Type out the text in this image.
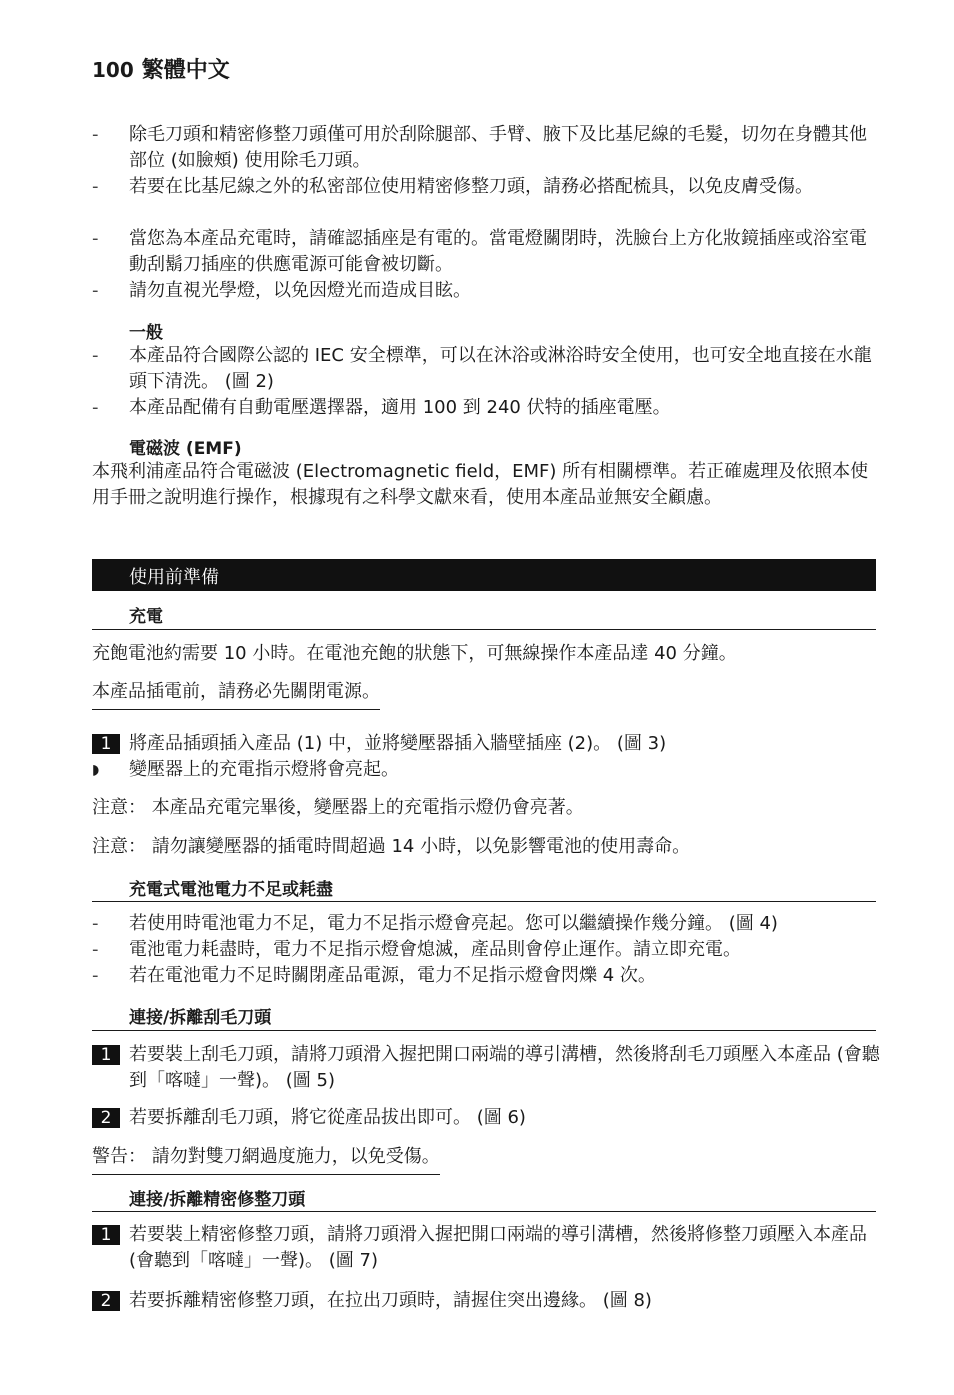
100 繁體中文
-	除毛刀頭和精密修整刀頭僅可用於刮除腿部、手臂、腋下及比基尼線的毛髮，切勿在身體其他部位 (如臉頰) 使用除毛刀頭。
-	若要在比基尼線之外的私密部位使用精密修整刀頭，請務必搭配梳具，以免皮膚受傷。
-	當您為本產品充電時，請確認插座是有電的。當電燈關閉時，洗臉台上方化妝鏡插座或浴室電動刮鬍刀插座的供應電源可能會被切斷。
-	請勿直視光學燈，以免因燈光而造成目眩。
一般
-	本產品符合國際公認的 IEC 安全標準，可以在沐浴或淋浴時安全使用，也可安全地直接在水龍頭下清洗。 (圖 2)
-	本產品配備有自動電壓選擇器，適用 100 到 240 伏特的插座電壓。
電磁波 (EMF)
本飛利浦產品符合電磁波 (Electromagnetic field，EMF) 所有相關標準。若正確處理及依照本使用手冊之說明進行操作，根據現有之科學文獻來看，使用本產品並無安全顧慮。
使用前準備
充電
充飽電池約需要 10 小時。在電池充飽的狀態下，可無線操作本產品達 40 分鐘。
本產品插電前，請務必先關閉電源。
1 將產品插頭插入產品 (1) 中，並將變壓器插入牆壁插座 (2)。 (圖 3)
◗ 變壓器上的充電指示燈將會亮起。
注意： 本產品充電完畢後，變壓器上的充電指示燈仍會亮著。
注意： 請勿讓變壓器的插電時間超過 14 小時，以免影響電池的使用壽命。
充電式電池電力不足或耗盡
-	若使用時電池電力不足，電力不足指示燈會亮起。您可以繼續操作幾分鐘。 (圖 4)
-	電池電力耗盡時，電力不足指示燈會熄滅，產品則會停止運作。請立即充電。
-	若在電池電力不足時關閉產品電源，電力不足指示燈會閃爍 4 次。
連接/拆離刮毛刀頭
1 若要裝上刮毛刀頭，請將刀頭滑入握把開口兩端的導引溝槽，然後將刮毛刀頭壓入本產品 (會聽到「喀噠」一聲)。 (圖 5)
2 若要拆離刮毛刀頭，將它從產品拔出即可。 (圖 6)
警告： 請勿對雙刀網過度施力，以免受傷。
連接/拆離精密修整刀頭
1 若要裝上精密修整刀頭，請將刀頭滑入握把開口兩端的導引溝槽，然後將修整刀頭壓入本產品 (會聽到「喀噠」一聲)。 (圖 7)
2 若要拆離精密修整刀頭，在拉出刀頭時，請握住突出邊緣。 (圖 8)
